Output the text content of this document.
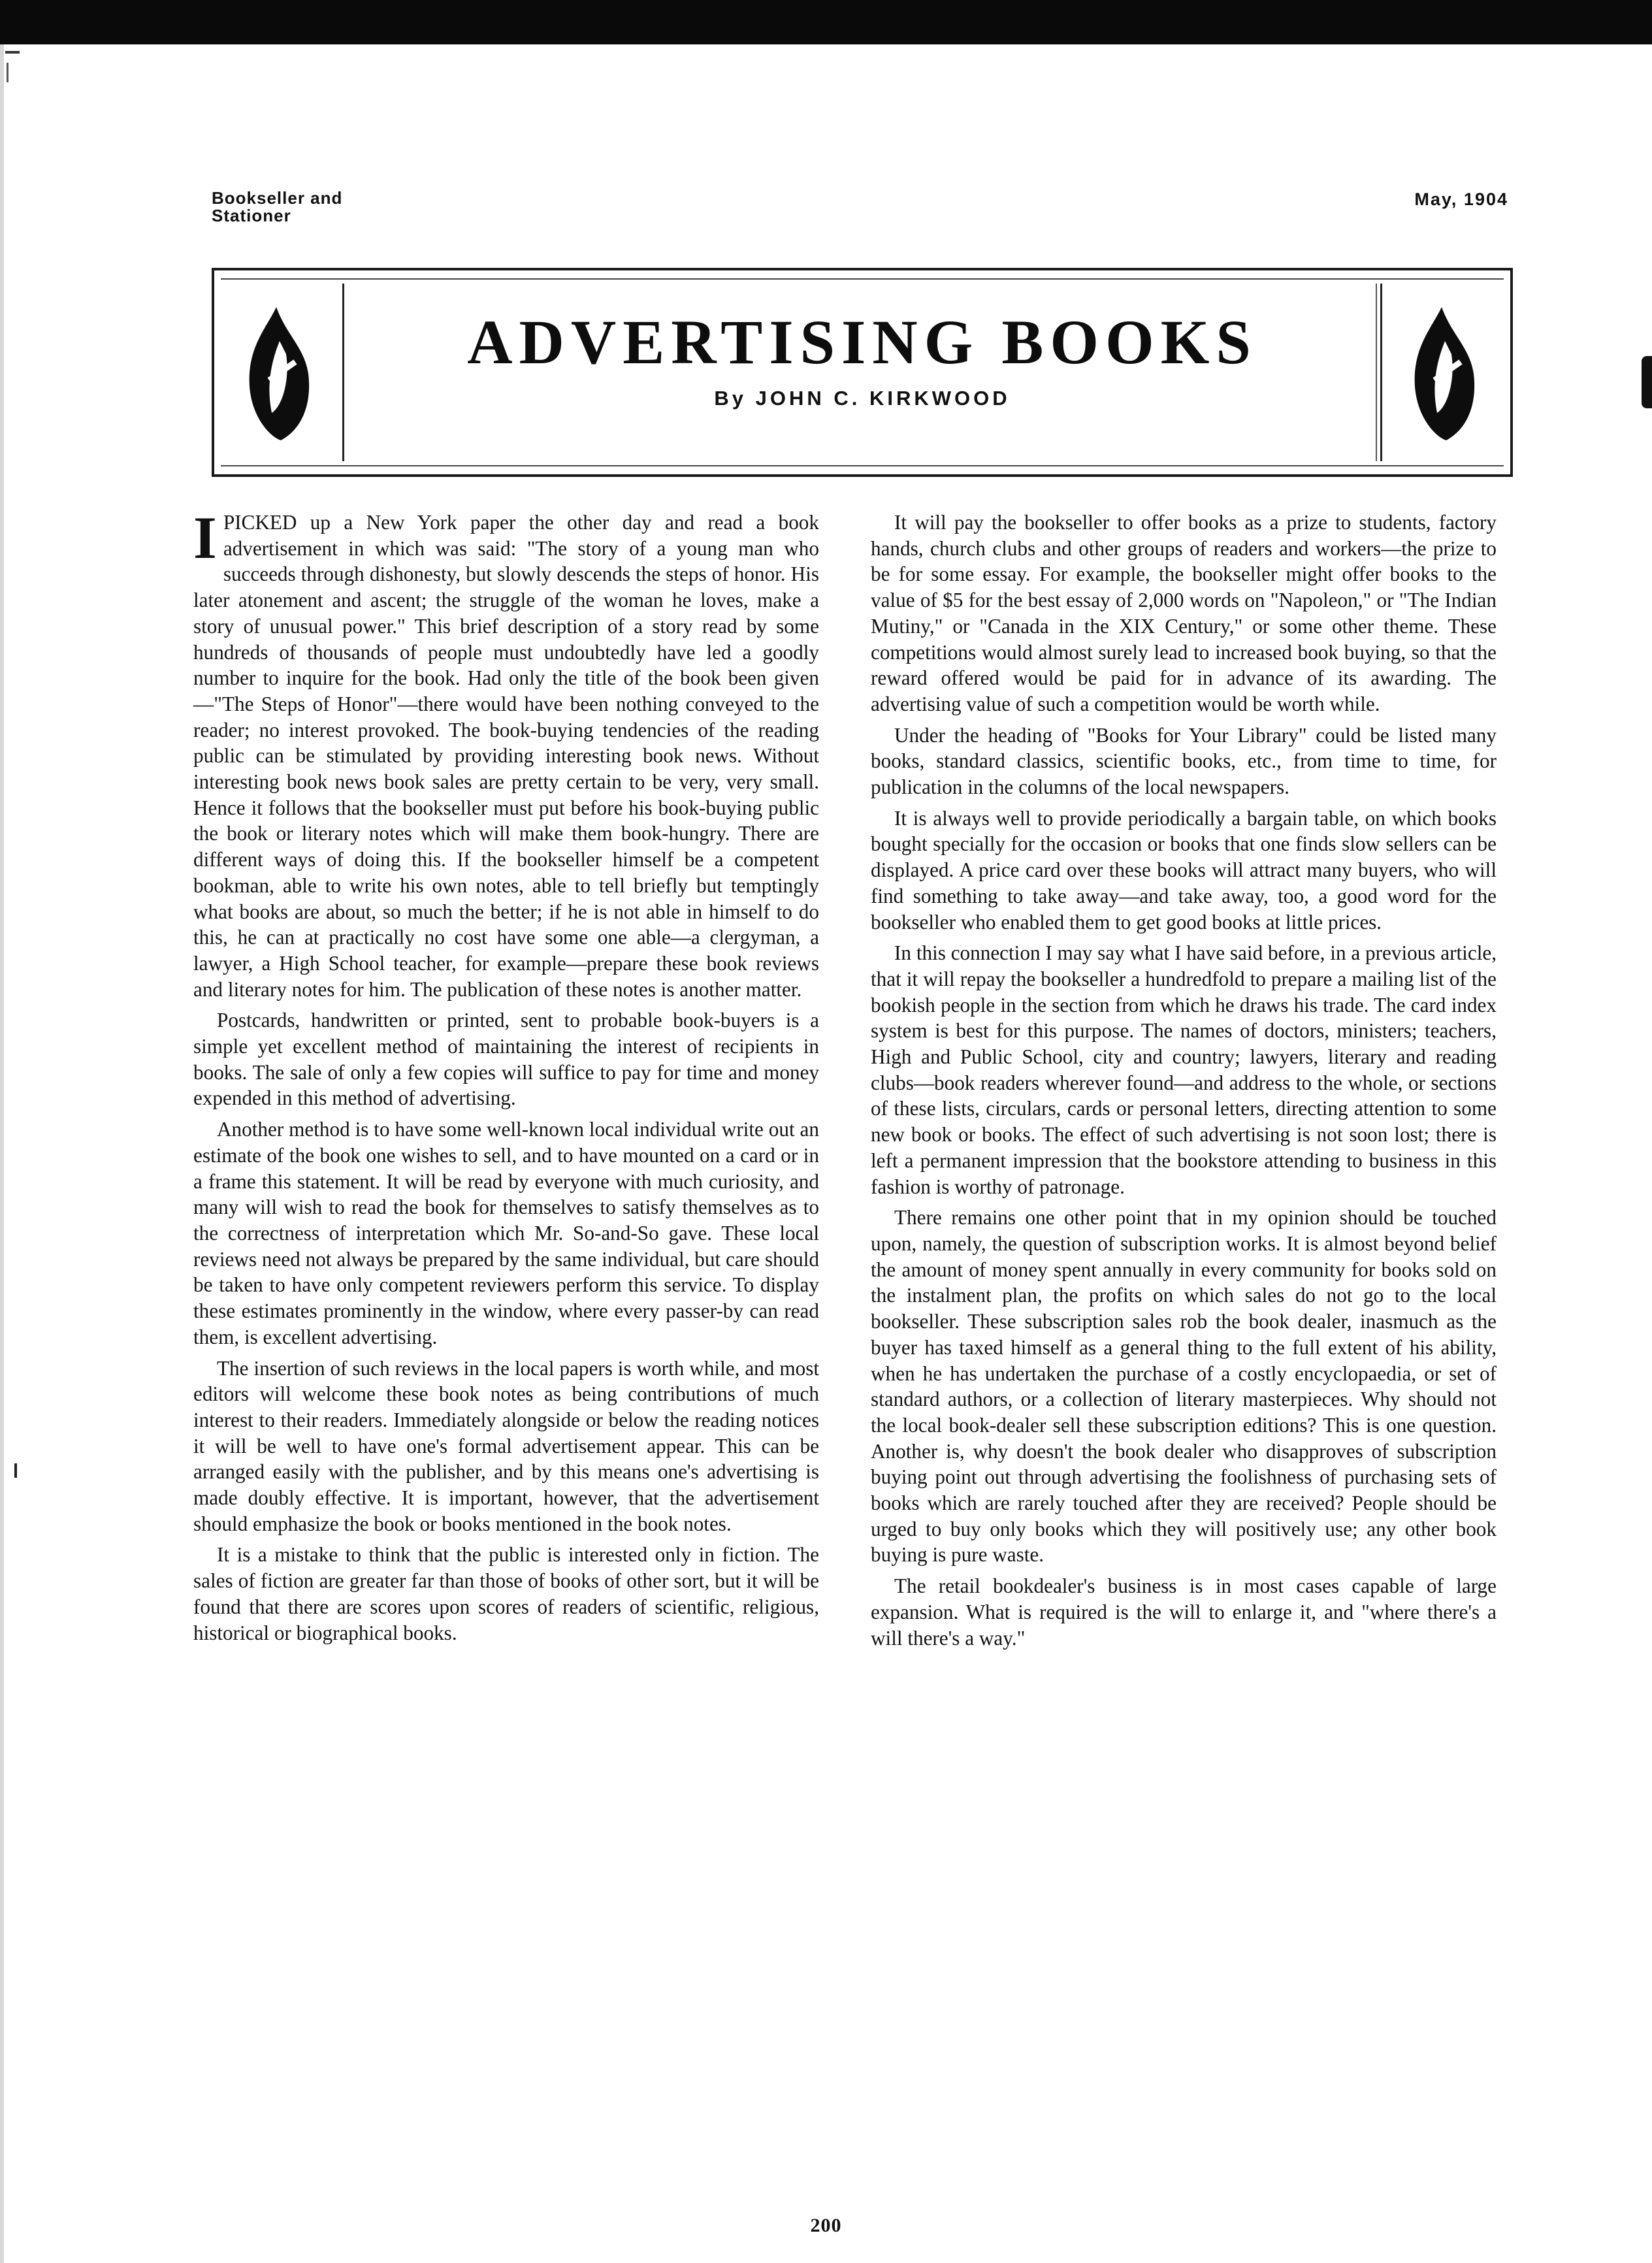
Bookseller and Stationer
May, 1904
ADVERTISING BOOKS
By JOHN C. KIRKWOOD

IPICKED up a New York paper the other day and read a book advertisement in which was said: "The story of a young man who succeeds through dishonesty, but slowly descends the steps of honor. His later atonement and ascent; the struggle of the woman he loves, make a story of unusual power." This brief description of a story read by some hundreds of thousands of people must undoubtedly have led a goodly number to inquire for the book. Had only the title of the book been given—"The Steps of Honor"—there would have been nothing conveyed to the reader; no interest provoked. The book-buying tendencies of the reading public can be stimulated by providing interesting book news. Without interesting book news book sales are pretty certain to be very, very small. Hence it follows that the bookseller must put before his book-buying public the book or literary notes which will make them book-hungry. There are different ways of doing this. If the bookseller himself be a competent bookman, able to write his own notes, able to tell briefly but temptingly what books are about, so much the better; if he is not able in himself to do this, he can at practically no cost have some one able—a clergyman, a lawyer, a High School teacher, for example—prepare these book reviews and literary notes for him. The publication of these notes is another matter.

Postcards, handwritten or printed, sent to probable book-buyers is a simple yet excellent method of maintaining the interest of recipients in books. The sale of only a few copies will suffice to pay for time and money expended in this method of advertising.

Another method is to have some well-known local individual write out an estimate of the book one wishes to sell, and to have mounted on a card or in a frame this statement. It will be read by everyone with much curiosity, and many will wish to read the book for themselves to satisfy themselves as to the correctness of interpretation which Mr. So-and-So gave. These local reviews need not always be prepared by the same individual, but care should be taken to have only competent reviewers perform this service. To display these estimates prominently in the window, where every passer-by can read them, is excellent advertising.

The insertion of such reviews in the local papers is worth while, and most editors will welcome these book notes as being contributions of much interest to their readers. Immediately alongside or below the reading notices it will be well to have one's formal advertisement appear. This can be arranged easily with the publisher, and by this means one's advertising is made doubly effective. It is important, however, that the advertisement should emphasize the book or books mentioned in the book notes.

It is a mistake to think that the public is interested only in fiction. The sales of fiction are greater far than those of books of other sort, but it will be found that there are scores upon scores of readers of scientific, religious, historical or biographical books.

It will pay the bookseller to offer books as a prize to students, factory hands, church clubs and other groups of readers and workers—the prize to be for some essay. For example, the bookseller might offer books to the value of $5 for the best essay of 2,000 words on "Napoleon," or "The Indian Mutiny," or "Canada in the XIX Century," or some other theme. These competitions would almost surely lead to increased book buying, so that the reward offered would be paid for in advance of its awarding. The advertising value of such a competition would be worth while.

Under the heading of "Books for Your Library" could be listed many books, standard classics, scientific books, etc., from time to time, for publication in the columns of the local newspapers.

It is always well to provide periodically a bargain table, on which books bought specially for the occasion or books that one finds slow sellers can be displayed. A price card over these books will attract many buyers, who will find something to take away—and take away, too, a good word for the bookseller who enabled them to get good books at little prices.

In this connection I may say what I have said before, in a previous article, that it will repay the bookseller a hundredfold to prepare a mailing list of the bookish people in the section from which he draws his trade. The card index system is best for this purpose. The names of doctors, ministers; teachers, High and Public School, city and country; lawyers, literary and reading clubs—book readers wherever found—and address to the whole, or sections of these lists, circulars, cards or personal letters, directing attention to some new book or books. The effect of such advertising is not soon lost; there is left a permanent impression that the bookstore attending to business in this fashion is worthy of patronage.

There remains one other point that in my opinion should be touched upon, namely, the question of subscription works. It is almost beyond belief the amount of money spent annually in every community for books sold on the instalment plan, the profits on which sales do not go to the local bookseller. These subscription sales rob the book dealer, inasmuch as the buyer has taxed himself as a general thing to the full extent of his ability, when he has undertaken the purchase of a costly encyclopaedia, or set of standard authors, or a collection of literary masterpieces. Why should not the local book-dealer sell these subscription editions? This is one question. Another is, why doesn't the book dealer who disapproves of subscription buying point out through advertising the foolishness of purchasing sets of books which are rarely touched after they are received? People should be urged to buy only books which they will positively use; any other book buying is pure waste.

The retail bookdealer's business is in most cases capable of large expansion. What is required is the will to enlarge it, and "where there's a will there's a way."

200
